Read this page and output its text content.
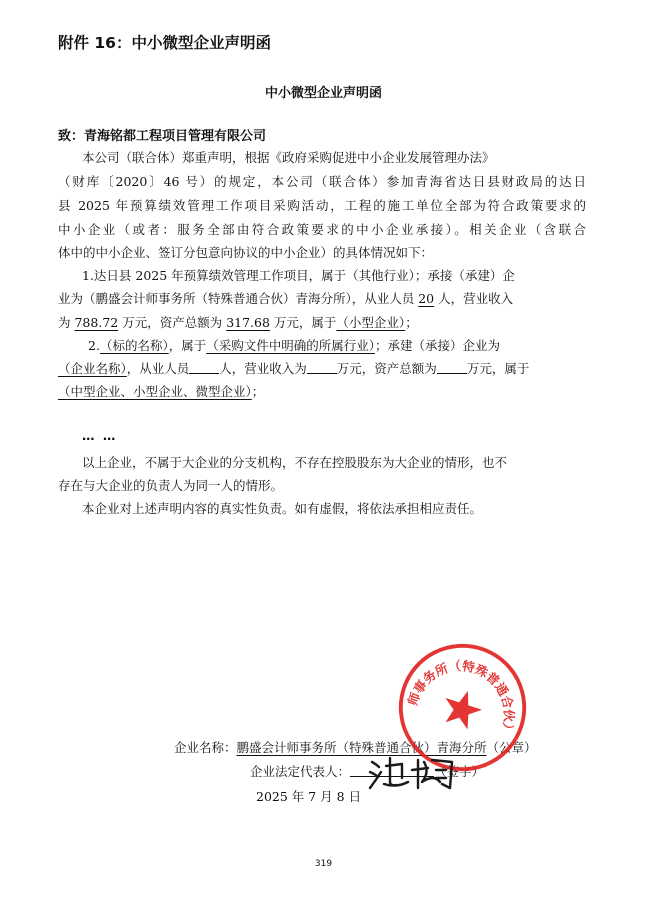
附件 16：中小微型企业声明函
中小微型企业声明函
致：青海铭都工程项目管理有限公司
本公司（联合体）郑重声明，根据《政府采购促进中小企业发展管理办法》
（财库〔2020〕46 号）的规定，本公司（联合体）参加青海省达日县财政局的达日
县 2025 年预算绩效管理工作项目采购活动，工程的施工单位全部为符合政策要求的
中小企业（或者：服务全部由符合政策要求的中小企业承接）。相关企业（含联合
体中的中小企业、签订分包意向协议的中小企业）的具体情况如下：
1.达日县 2025 年预算绩效管理工作项目，属于（其他行业）；承接（承建）企
业为（鹏盛会计师事务所（特殊普通合伙）青海分所），从业人员 20 人，营业收入
为 788.72 万元，资产总额为 317.68 万元，属于（小型企业）；
2.（标的名称），属于（采购文件中明确的所属行业）；承建（承接）企业为
（企业名称），从业人员 人，营业收入为 万元，资产总额为 万元，属于
（中型企业、小型企业、微型企业）；
… …
以上企业，不属于大企业的分支机构，不存在控股股东为大企业的情形，也不
存在与大企业的负责人为同一人的情形。
本企业对上述声明内容的真实性负责。如有虚假，将依法承担相应责任。
企业名称：鹏盛会计师事务所（特殊普通合伙）青海分所（公章）
企业法定代表人：	（签字）
2025 年 7 月 8 日
鹏盛会计师事务所（特殊普通合伙）青海分所
319
